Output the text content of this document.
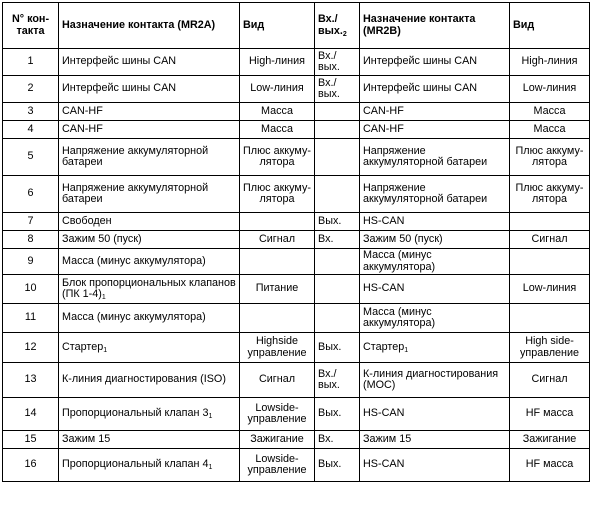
N° кон-такта	Назначение контакта (MR2A)	Вид	Вх./ $вых._2$	Назначение контакта (MR2B)	Вид
1	Интерфейс шины CAN	High-линия	Вх./ вых.	Интерфейс шины CAN	High-линия
2	Интерфейс шины CAN	Low-линия	Вх./ вых.	Интерфейс шины CAN	Low-линия
3	CAN-HF	Масса		CAN-HF	Масса
4	CAN-HF	Масса		CAN-HF	Масса
5	Напряжение аккумуляторной батареи	Плюс аккуму-лятора		Напряжение аккумуляторной батареи	Плюс аккуму-лятора
6	Напряжение аккумуляторной батареи	Плюс аккуму-лятора		Напряжение аккумуляторной батареи	Плюс аккуму-лятора
7	Свободен		Вых.	HS-CAN	
8	Зажим 50 (пуск)	Сигнал	Вх.	Зажим 50 (пуск)	Сигнал
9	Масса (минус аккумулятора)			Масса (минус аккумулятора)	
10	Блок пропорциональных клапанов (ПК $1-4)_1$	Питание		HS-CAN	Low-линия
11	Масса (минус аккумулятора)			Масса (минус аккумулятора)	
12	Стартер$_1$	Highside управление	Вых.	Стартер$_1$	High side-управление
13	К-линия диагностирования (ISO)	Сигнал	Вх./ вых.	К-линия диагностирования (МОС)	Сигнал
14	Пропорциональный клапан $3_1$	Lowside-управление	Вых.	HS-CAN	HF масса
15	Зажим 15	Зажигание	Вх.	Зажим 15	Зажигание
16	Пропорциональный клапан $4_1$	Lowside-управление	Вых.	HS-CAN	HF масса
